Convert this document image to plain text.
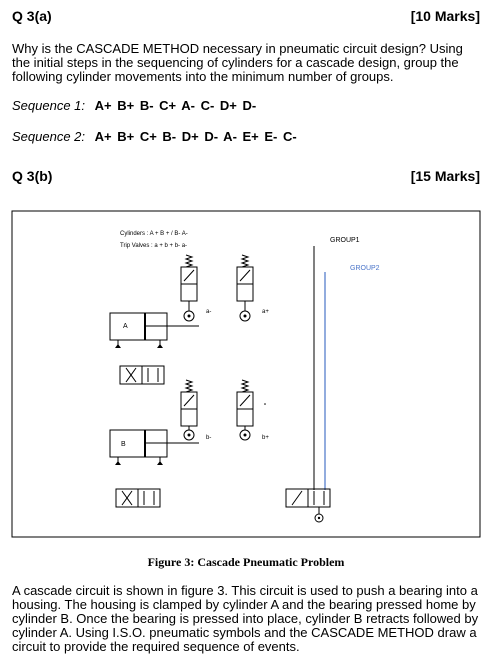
Q 3(a)	[10 Marks]
Why is the CASCADE METHOD necessary in pneumatic circuit design? Using the initial steps in the sequencing of cylinders for a cascade design, group the following cylinder movements into the minimum number of groups.
Sequence 1: A+ B+ B- C+ A- C- D+ D-
Sequence 2: A+ B+ C+ B- D+ D- A- E+ E- C-
Q 3(b)	[15 Marks]
Cylinders : A + B + / B- A-
Trip Valves : a + b + b- a-
GROUP1
GROUP2
A
B
a-	a+
b-	b+
Figure 3: Cascade Pneumatic Problem
A cascade circuit is shown in figure 3. This circuit is used to push a bearing into a housing. The housing is clamped by cylinder A and the bearing pressed home by cylinder B. Once the bearing is pressed into place, cylinder B retracts followed by cylinder A. Using I.S.O. pneumatic symbols and the CASCADE METHOD draw a circuit to provide the required sequence of events.
